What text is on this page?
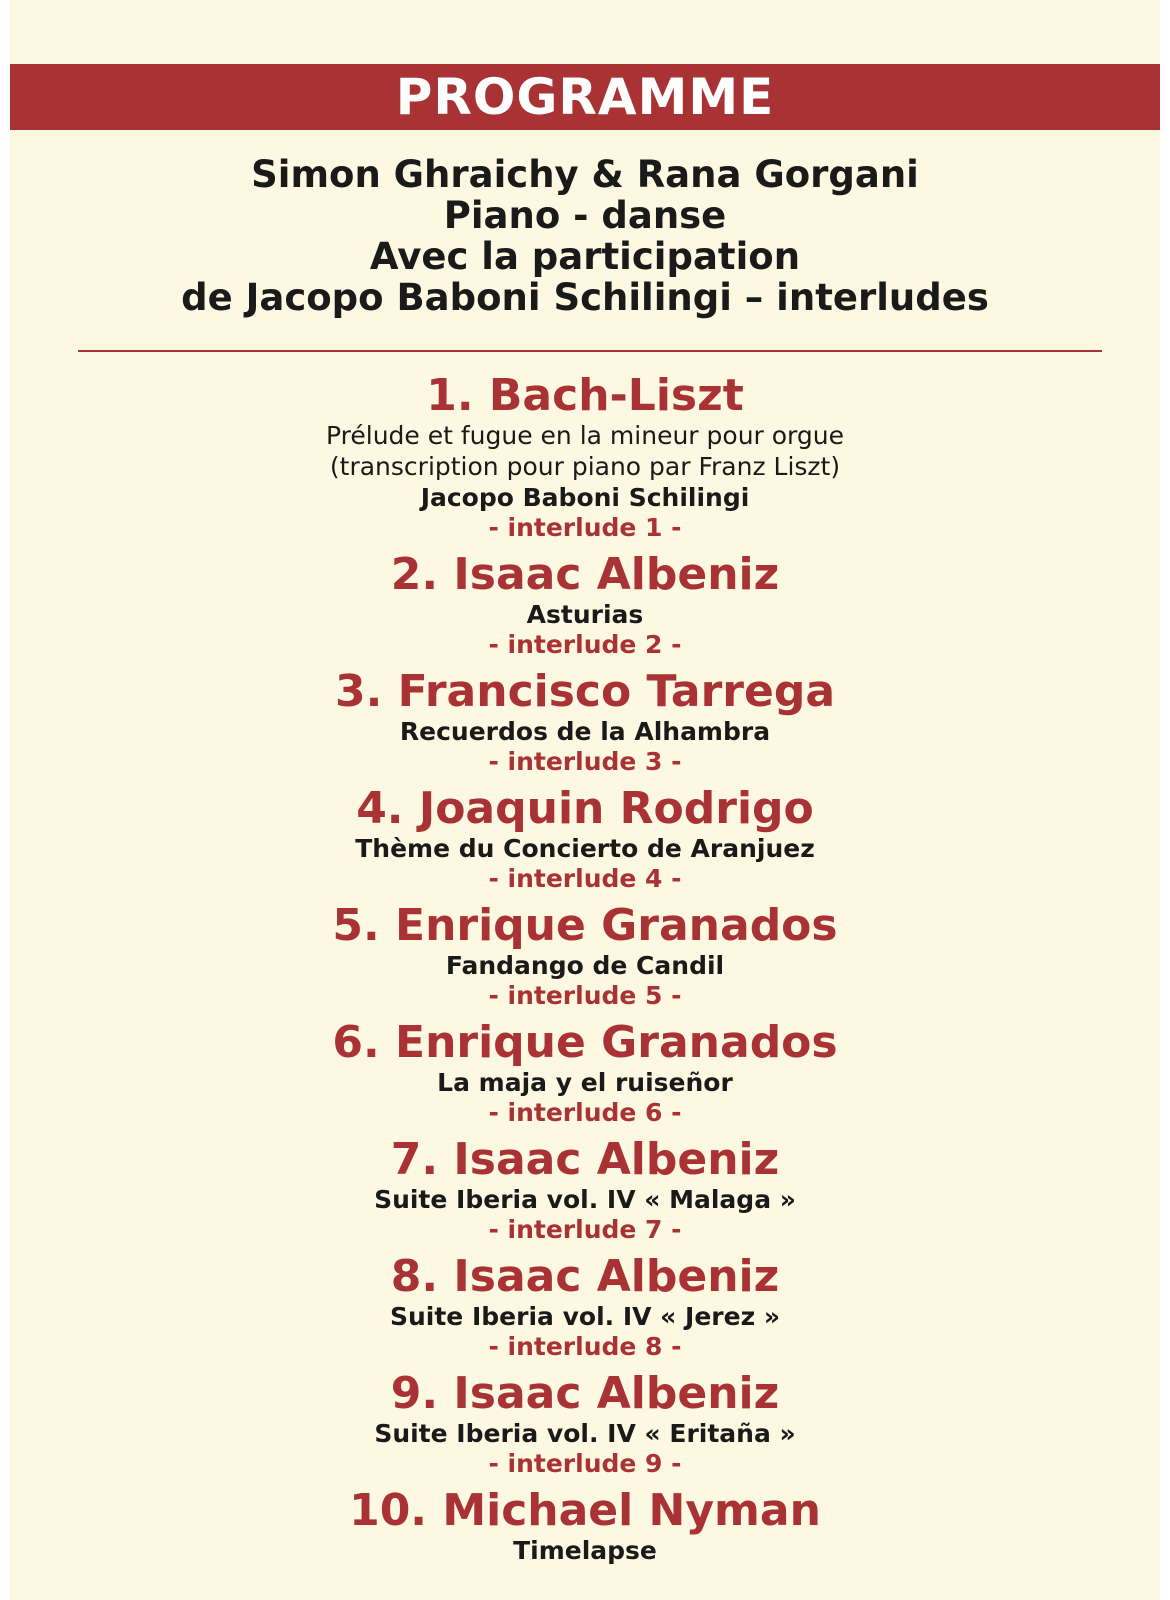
PROGRAMME
Simon Ghraichy & Rana Gorgani
Piano - danse
Avec la participation
de Jacopo Baboni Schilingi – interludes
1. Bach-Liszt
Prélude et fugue en la mineur pour orgue
(transcription pour piano par Franz Liszt)
Jacopo Baboni Schilingi
- interlude 1 -
2. Isaac Albeniz
Asturias
- interlude 2 -
3. Francisco Tarrega
Recuerdos de la Alhambra
- interlude 3 -
4. Joaquin Rodrigo
Thème du Concierto de Aranjuez
- interlude 4 -
5. Enrique Granados
Fandango de Candil
- interlude 5 -
6. Enrique Granados
La maja y el ruiseñor
- interlude 6 -
7. Isaac Albeniz
Suite Iberia vol. IV « Malaga »
- interlude 7 -
8. Isaac Albeniz
Suite Iberia vol. IV « Jerez »
- interlude 8 -
9. Isaac Albeniz
Suite Iberia vol. IV « Eritaña »
- interlude 9 -
10. Michael Nyman
Timelapse
